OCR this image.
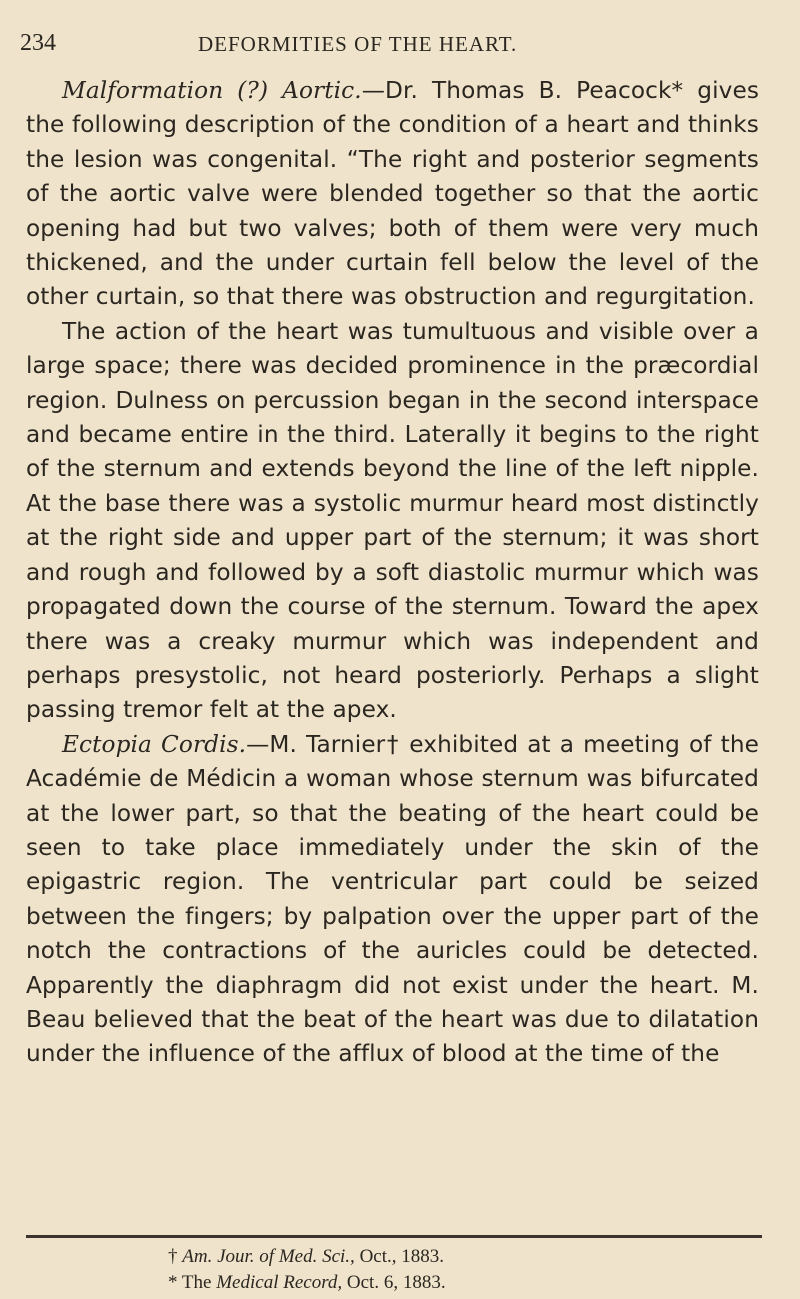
234	DEFORMITIES OF THE HEART.

Malformation (?) Aortic.—Dr. Thomas B. Peacock* gives the following description of the condition of a heart and thinks the lesion was congenital. “The right and posterior segments of the aortic valve were blended together so that the aortic opening had but two valves; both of them were very much thickened, and the under curtain fell below the level of the other curtain, so that there was obstruction and regurgitation.

The action of the heart was tumultuous and visible over a large space; there was decided prominence in the præcordial region. Dulness on percussion began in the second interspace and became entire in the third. Laterally it begins to the right of the sternum and extends beyond the line of the left nipple. At the base there was a systolic murmur heard most distinctly at the right side and upper part of the sternum; it was short and rough and followed by a soft diastolic murmur which was propagated down the course of the sternum. Toward the apex there was a creaky murmur which was independent and perhaps presystolic, not heard posteriorly. Perhaps a slight passing tremor felt at the apex.

Ectopia Cordis.—M. Tarnier† exhibited at a meeting of the Académie de Médicin a woman whose sternum was bifurcated at the lower part, so that the beating of the heart could be seen to take place immediately under the skin of the epigastric region. The ventricular part could be seized between the fingers; by palpation over the upper part of the notch the contractions of the auricles could be detected. Apparently the diaphragm did not exist under the heart. M. Beau believed that the beat of the heart was due to dilatation under the influence of the afflux of blood at the time of the

† Am. Jour. of Med. Sci., Oct., 1883.
* The Medical Record, Oct. 6, 1883.
